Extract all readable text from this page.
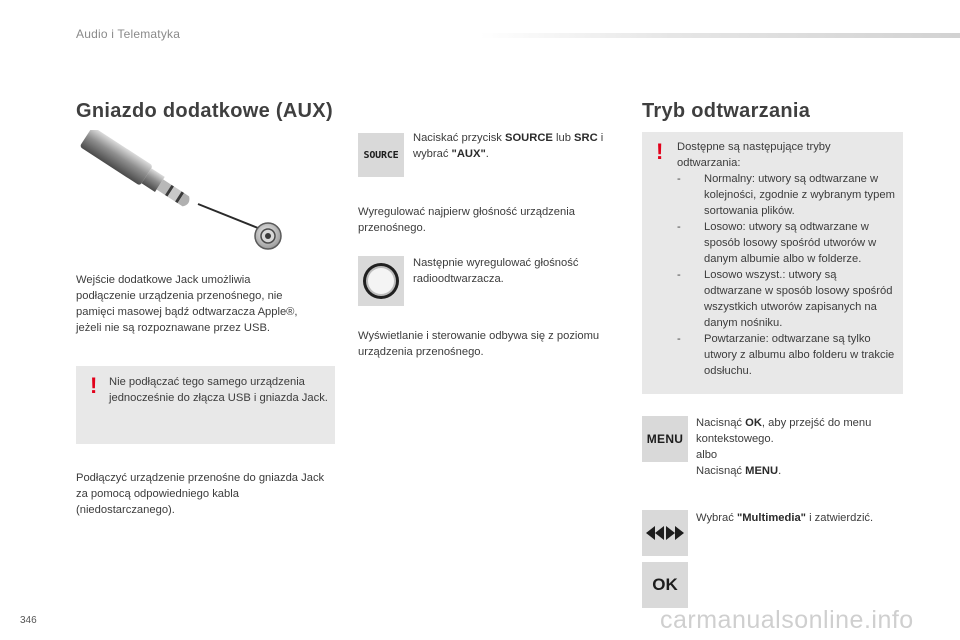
Audio i Telematyka
Gniazdo dodatkowe (AUX)

Wejście dodatkowe Jack umożliwia podłączenie urządzenia przenośnego, nie pamięci masowej bądź odtwarzacza Apple®, jeżeli nie są rozpoznawane przez USB.

! Nie podłączać tego samego urządzenia jednocześnie do złącza USB i gniazda Jack.

Podłączyć urządzenie przenośne do gniazda Jack za pomocą odpowiedniego kabla (niedostarczanego).

SOURCE

Naciskać przycisk SOURCE lub SRC i wybrać "AUX".

Wyregulować najpierw głośność urządzenia przenośnego.

Następnie wyregulować głośność radioodtwarzacza.

Wyświetlanie i sterowanie odbywa się z poziomu urządzenia przenośnego.

Tryb odtwarzania
! Dostępne są następujące tryby odtwarzania:

- Normalny: utwory są odtwarzane w kolejności, zgodnie z wybranym typem sortowania plików.
- Losowo: utwory są odtwarzane w sposób losowy spośród utworów w danym albumie albo w folderze.
- Losowo wszyst.: utwory są odtwarzane w sposób losowy spośród wszystkich utworów zapisanych na danym nośniku.
- Powtarzanie: odtwarzane są tylko utwory z albumu albo folderu w trakcie odsłuchu.
MENU

Nacisnąć OK, aby przejść do menu kontekstowego.
albo
Nacisnąć MENU.

Wybrać "Multimedia" i zatwierdzić.

OK
346	carmanualsonline.info
